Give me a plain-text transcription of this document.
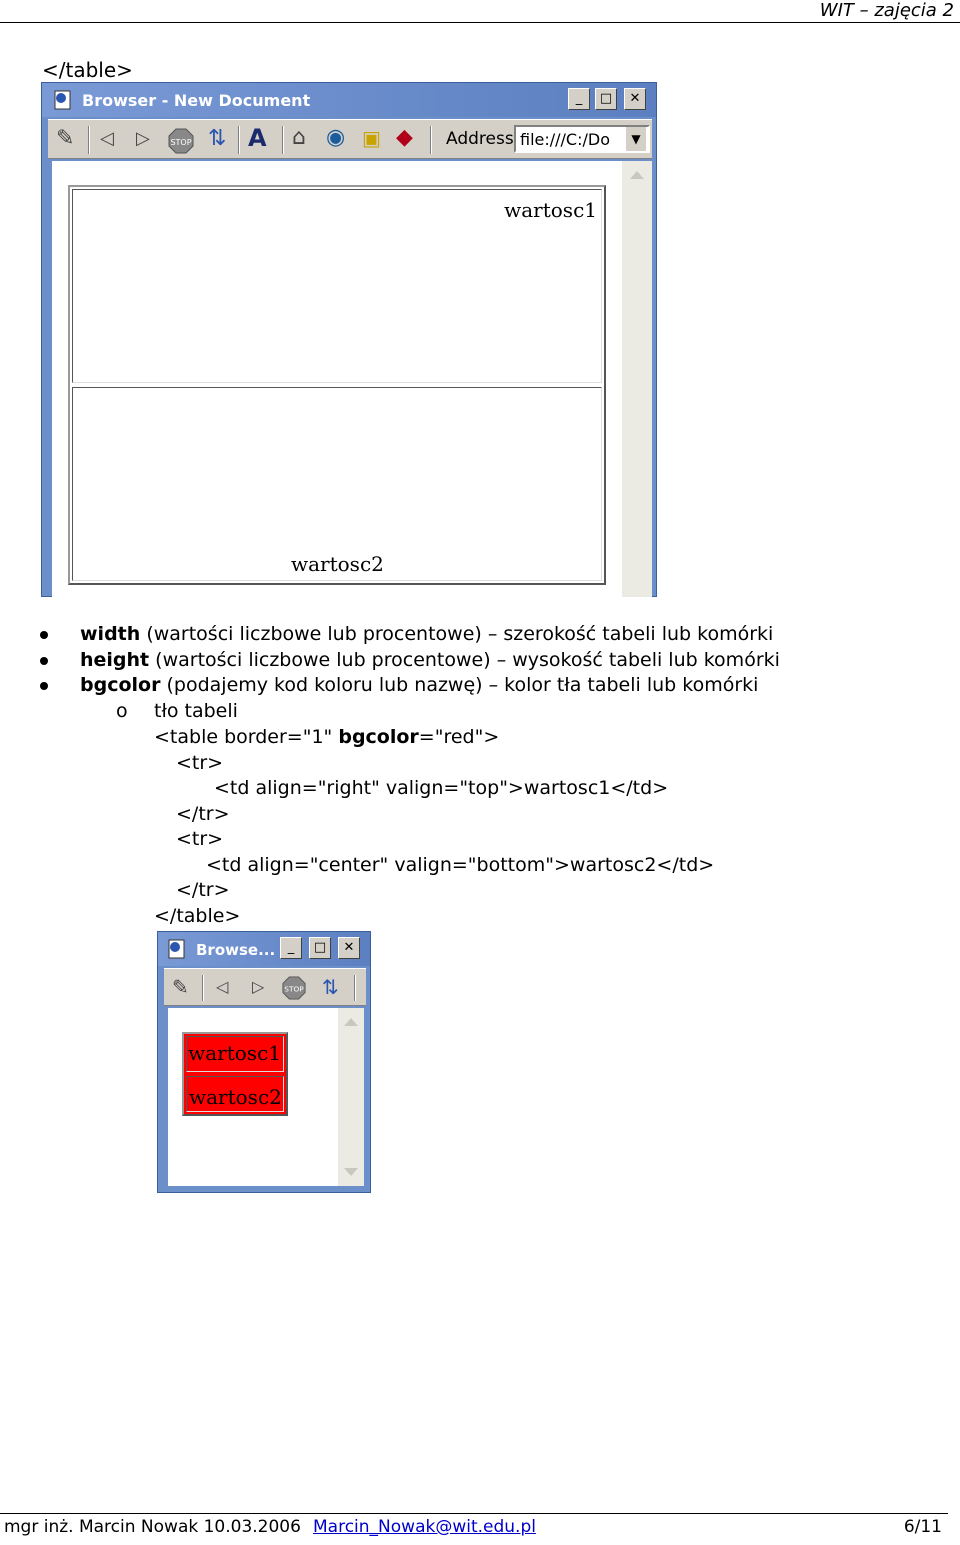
WIT – zajęcia 2
</table>
Browser - New Document	_	□	✕
✎ ◁ ▷	STOP ⇅ A ⌂ ◉ ▣ ◆ Address file:///C:/Do	▼
wartosc1
wartosc2
width (wartości liczbowe lub procentowe) – szerokość tabeli lub komórki
height (wartości liczbowe lub procentowe) – wysokość tabeli lub komórki
bgcolor (podajemy kod koloru lub nazwę) – kolor tła tabeli lub komórki
o tło tabeli
<table border="1" bgcolor="red">
<tr>
<td align="right" valign="top">wartosc1</td>
</tr>
<tr>
<td align="center" valign="bottom">wartosc2</td>
</tr>
</table>
Browse... _	□	✕
✎ ◁ ▷ STOP ⇅
wartosc1
wartosc2
mgr inż. Marcin Nowak 10.03.2006 Marcin_Nowak@wit.edu.pl	6/11
